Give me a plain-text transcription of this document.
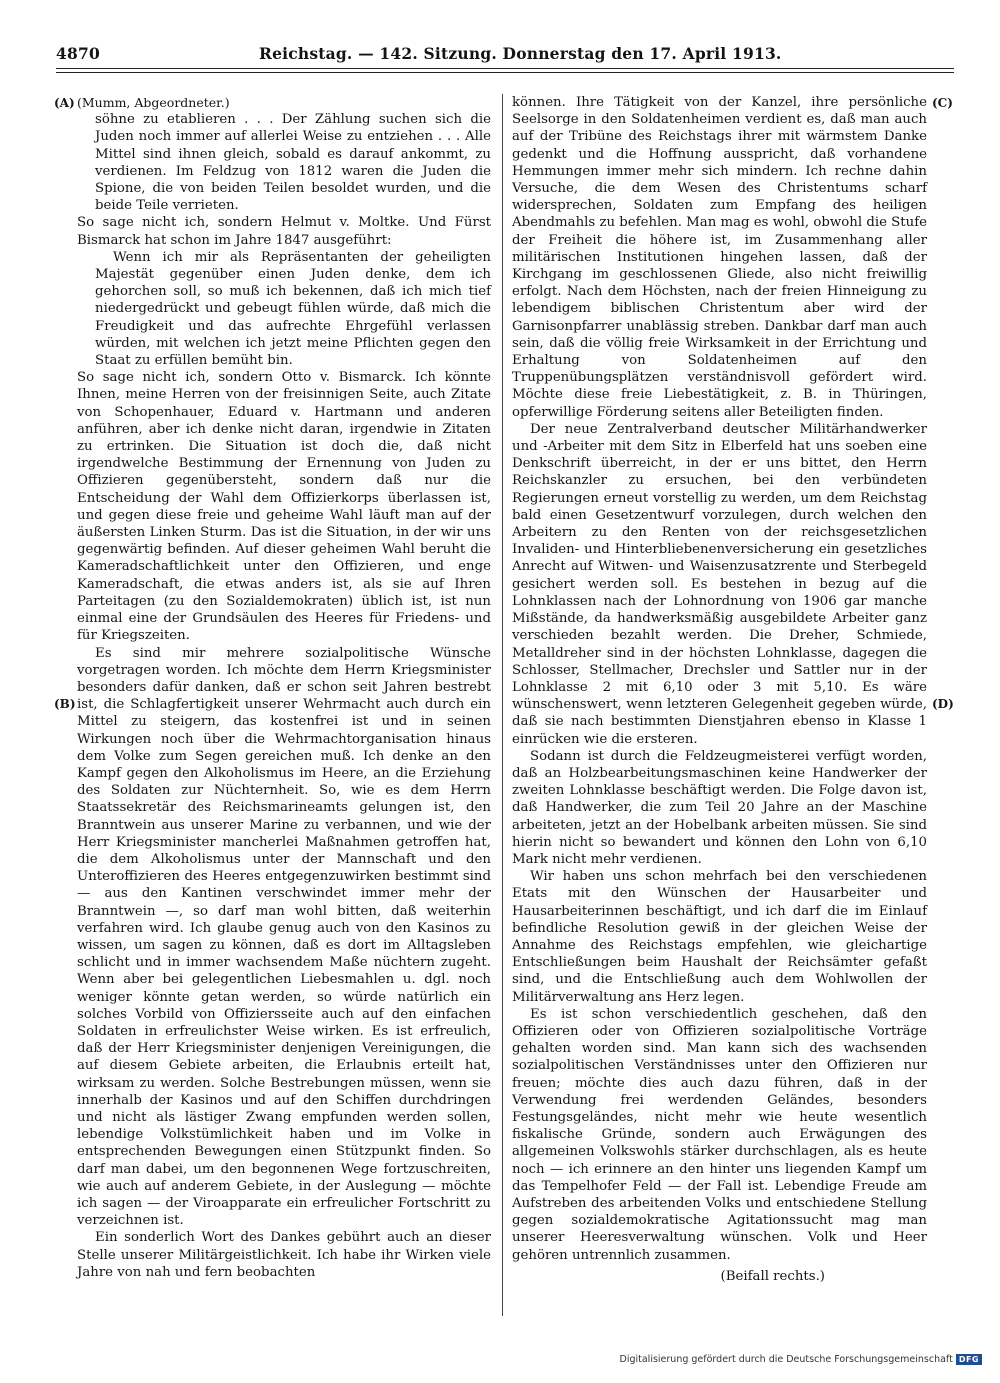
4870	Reichstag. — 142. Sitzung. Donnerstag den 17. April 1913.
(A)
(B)
(C)
(D)

(Mumm, Abgeordneter.)

söhne zu etablieren . . . Der Zählung suchen sich die Juden noch immer auf allerlei Weise zu entziehen . . . Alle Mittel sind ihnen gleich, sobald es darauf ankommt, zu verdienen. Im Feldzug von 1812 waren die Juden die Spione, die von beiden Teilen besoldet wurden, und die beide Teile verrieten.

So sage nicht ich, sondern Helmut v. Moltke. Und Fürst Bismarck hat schon im Jahre 1847 ausgeführt:

Wenn ich mir als Repräsentanten der geheiligten Majestät gegenüber einen Juden denke, dem ich gehorchen soll, so muß ich bekennen, daß ich mich tief niedergedrückt und gebeugt fühlen würde, daß mich die Freudigkeit und das aufrechte Ehrgefühl verlassen würden, mit welchen ich jetzt meine Pflichten gegen den Staat zu erfüllen bemüht bin.

So sage nicht ich, sondern Otto v. Bismarck. Ich könnte Ihnen, meine Herren von der freisinnigen Seite, auch Zitate von Schopenhauer, Eduard v. Hartmann und anderen anführen, aber ich denke nicht daran, irgendwie in Zitaten zu ertrinken. Die Situation ist doch die, daß nicht irgendwelche Bestimmung der Ernennung von Juden zu Offizieren gegenübersteht, sondern daß nur die Entscheidung der Wahl dem Offizierkorps überlassen ist, und gegen diese freie und geheime Wahl läuft man auf der äußersten Linken Sturm. Das ist die Situation, in der wir uns gegenwärtig befinden. Auf dieser geheimen Wahl beruht die Kameradschaftlichkeit unter den Offizieren, und enge Kameradschaft, die etwas anders ist, als sie auf Ihren Parteitagen (zu den Sozialdemokraten) üblich ist, ist nun einmal eine der Grundsäulen des Heeres für Friedens- und für Kriegszeiten.

Es sind mir mehrere sozialpolitische Wünsche vorgetragen worden. Ich möchte dem Herrn Kriegsminister besonders dafür danken, daß er schon seit Jahren bestrebt ist, die Schlagfertigkeit unserer Wehrmacht auch durch ein Mittel zu steigern, das kostenfrei ist und in seinen Wirkungen noch über die Wehrmachtorganisation hinaus dem Volke zum Segen gereichen muß. Ich denke an den Kampf gegen den Alkoholismus im Heere, an die Erziehung des Soldaten zur Nüchternheit. So, wie es dem Herrn Staatssekretär des Reichsmarineamts gelungen ist, den Branntwein aus unserer Marine zu verbannen, und wie der Herr Kriegsminister mancherlei Maßnahmen getroffen hat, die dem Alkoholismus unter der Mannschaft und den Unteroffizieren des Heeres entgegenzuwirken bestimmt sind — aus den Kantinen verschwindet immer mehr der Branntwein —, so darf man wohl bitten, daß weiterhin verfahren wird. Ich glaube genug auch von den Kasinos zu wissen, um sagen zu können, daß es dort im Alltagsleben schlicht und in immer wachsendem Maße nüchtern zugeht. Wenn aber bei gelegentlichen Liebesmahlen u. dgl. noch weniger könnte getan werden, so würde natürlich ein solches Vorbild von Offiziersseite auch auf den einfachen Soldaten in erfreulichster Weise wirken. Es ist erfreulich, daß der Herr Kriegsminister denjenigen Vereinigungen, die auf diesem Gebiete arbeiten, die Erlaubnis erteilt hat, wirksam zu werden. Solche Bestrebungen müssen, wenn sie innerhalb der Kasinos und auf den Schiffen durchdringen und nicht als lästiger Zwang empfunden werden sollen, lebendige Volkstümlichkeit haben und im Volke in entsprechenden Bewegungen einen Stützpunkt finden. So darf man dabei, um den begonnenen Wege fortzuschreiten, wie auch auf anderem Gebiete, in der Auslegung — möchte ich sagen — der Viroapparate ein erfreulicher Fortschritt zu verzeichnen ist.

Ein sonderlich Wort des Dankes gebührt auch an dieser Stelle unserer Militärgeistlichkeit. Ich habe ihr Wirken viele Jahre von nah und fern beobachten

können. Ihre Tätigkeit von der Kanzel, ihre persönliche Seelsorge in den Soldatenheimen verdient es, daß man auch auf der Tribüne des Reichstags ihrer mit wärmstem Danke gedenkt und die Hoffnung ausspricht, daß vorhandene Hemmungen immer mehr sich mindern. Ich rechne dahin Versuche, die dem Wesen des Christentums scharf widersprechen, Soldaten zum Empfang des heiligen Abendmahls zu befehlen. Man mag es wohl, obwohl die Stufe der Freiheit die höhere ist, im Zusammenhang aller militärischen Institutionen hingehen lassen, daß der Kirchgang im geschlossenen Gliede, also nicht freiwillig erfolgt. Nach dem Höchsten, nach der freien Hinneigung zu lebendigem biblischen Christentum aber wird der Garnisonpfarrer unablässig streben. Dankbar darf man auch sein, daß die völlig freie Wirksamkeit in der Errichtung und Erhaltung von Soldatenheimen auf den Truppenübungsplätzen verständnisvoll gefördert wird. Möchte diese freie Liebestätigkeit, z. B. in Thüringen, opferwillige Förderung seitens aller Beteiligten finden.

Der neue Zentralverband deutscher Militärhandwerker und -Arbeiter mit dem Sitz in Elberfeld hat uns soeben eine Denkschrift überreicht, in der er uns bittet, den Herrn Reichskanzler zu ersuchen, bei den verbündeten Regierungen erneut vorstellig zu werden, um dem Reichstag bald einen Gesetzentwurf vorzulegen, durch welchen den Arbeitern zu den Renten von der reichsgesetzlichen Invaliden- und Hinterbliebenenversicherung ein gesetzliches Anrecht auf Witwen- und Waisenzusatzrente und Sterbegeld gesichert werden soll. Es bestehen in bezug auf die Lohnklassen nach der Lohnordnung von 1906 gar manche Mißstände, da handwerksmäßig ausgebildete Arbeiter ganz verschieden bezahlt werden. Die Dreher, Schmiede, Metalldreher sind in der höchsten Lohnklasse, dagegen die Schlosser, Stellmacher, Drechsler und Sattler nur in der Lohnklasse 2 mit 6,10 oder 3 mit 5,10. Es wäre wünschenswert, wenn letzteren Gelegenheit gegeben würde, daß sie nach bestimmten Dienstjahren ebenso in Klasse 1 einrücken wie die ersteren.

Sodann ist durch die Feldzeugmeisterei verfügt worden, daß an Holzbearbeitungsmaschinen keine Handwerker der zweiten Lohnklasse beschäftigt werden. Die Folge davon ist, daß Handwerker, die zum Teil 20 Jahre an der Maschine arbeiteten, jetzt an der Hobelbank arbeiten müssen. Sie sind hierin nicht so bewandert und können den Lohn von 6,10 Mark nicht mehr verdienen.

Wir haben uns schon mehrfach bei den verschiedenen Etats mit den Wünschen der Hausarbeiter und Hausarbeiterinnen beschäftigt, und ich darf die im Einlauf befindliche Resolution gewiß in der gleichen Weise der Annahme des Reichstags empfehlen, wie gleichartige Entschließungen beim Haushalt der Reichsämter gefaßt sind, und die Entschließung auch dem Wohlwollen der Militärverwaltung ans Herz legen.

Es ist schon verschiedentlich geschehen, daß den Offizieren oder von Offizieren sozialpolitische Vorträge gehalten worden sind. Man kann sich des wachsenden sozialpolitischen Verständnisses unter den Offizieren nur freuen; möchte dies auch dazu führen, daß in der Verwendung frei werdenden Geländes, besonders Festungsgeländes, nicht mehr wie heute wesentlich fiskalische Gründe, sondern auch Erwägungen des allgemeinen Volkswohls stärker durchschlagen, als es heute noch — ich erinnere an den hinter uns liegenden Kampf um das Tempelhofer Feld — der Fall ist. Lebendige Freude am Aufstreben des arbeitenden Volks und entschiedene Stellung gegen sozialdemokratische Agitationssucht mag man unserer Heeresverwaltung wünschen. Volk und Heer gehören untrennlich zusammen.

(Beifall rechts.)

Digitalisierung gefördert durch die Deutsche Forschungsgemeinschaft DFG
